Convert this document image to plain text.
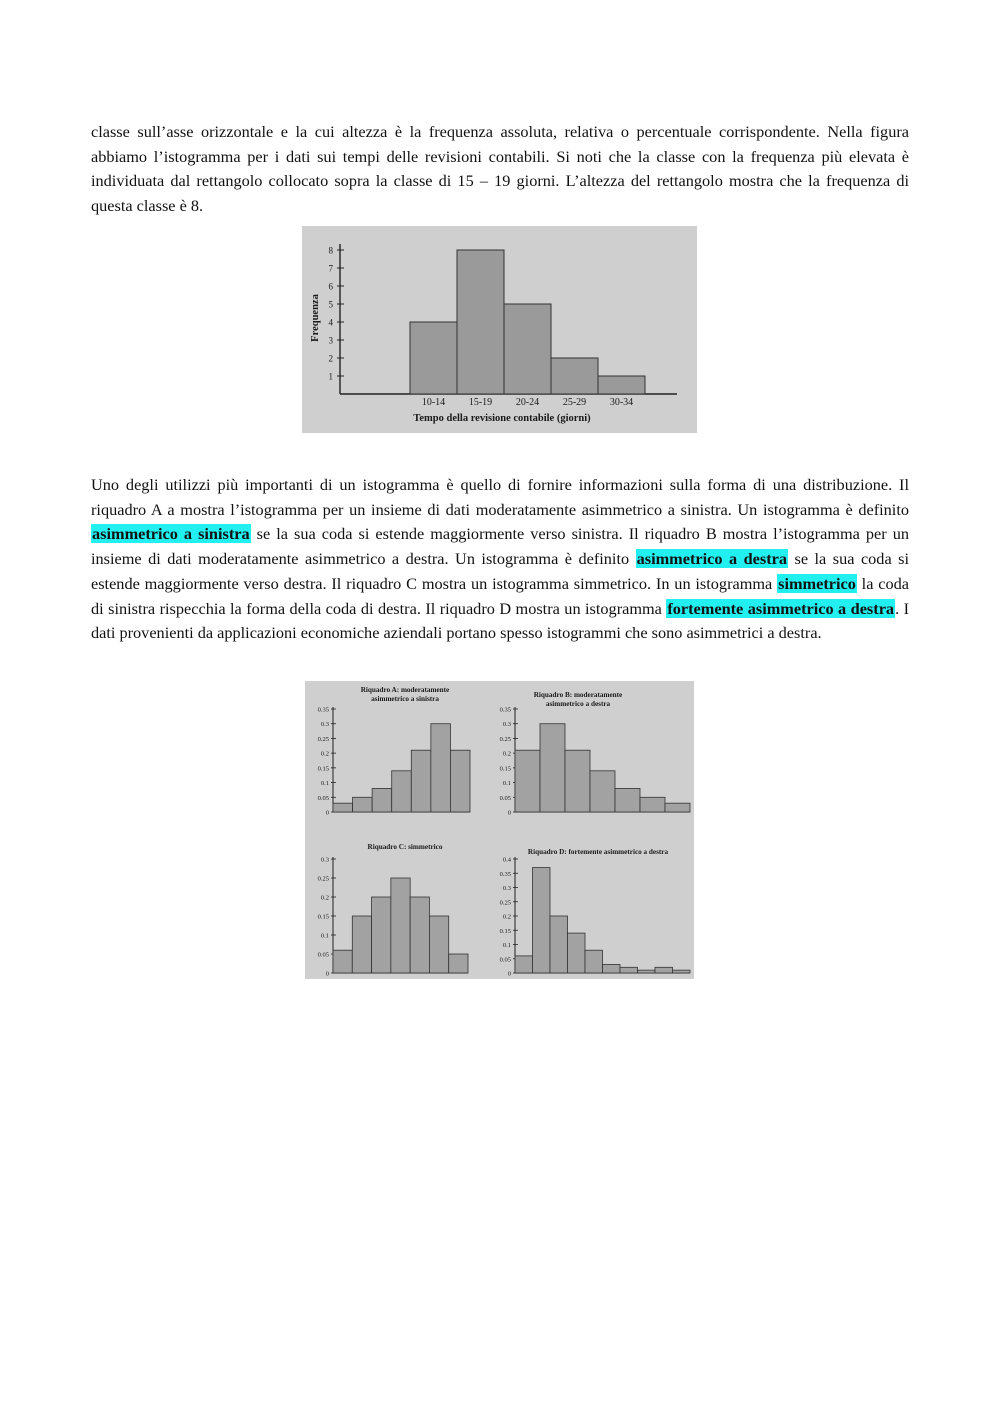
classe sull’asse orizzontale e la cui altezza è la frequenza assoluta, relativa o percentuale corrispondente. Nella figura abbiamo l’istogramma per i dati sui tempi delle revisioni contabili. Si noti che la classe con la frequenza più elevata è individuata dal rettangolo collocato sopra la classe di 15 – 19 giorni. L’altezza del rettangolo mostra che la frequenza di questa classe è 8.

1
2
3
4
5
6
7
8
10-14 15-19 20-24 25-29 30-34
Tempo della revisione contabile (giorni)
Frequenza

Uno degli utilizzi più importanti di un istogramma è quello di fornire informazioni sulla forma di una distribuzione. Il riquadro A a mostra l’istogramma per un insieme di dati moderatamente asimmetrico a sinistra. Un istogramma è definito asimmetrico a sinistra se la sua coda si estende maggiormente verso sinistra. Il riquadro B mostra l’istogramma per un insieme di dati moderatamente asimmetrico a destra. Un istogramma è definito asimmetrico a destra se la sua coda si estende maggiormente verso destra. Il riquadro C mostra un istogramma simmetrico. In un istogramma simmetrico la coda di sinistra rispecchia la forma della coda di destra. Il riquadro D mostra un istogramma fortemente asimmetrico a destra. I dati provenienti da applicazioni economiche aziendali portano spesso istogrammi che sono asimmetrici a destra.

0
0.05
0.1
0.15
0.2
0.25
0.3
0.35
Riquadro A: moderatamente
asimmetrico a sinistra
0
0.05
0.1
0.15
0.2
0.25
0.3
0.35
Riquadro B: moderatamente
asimmetrico a destra
0
0.05
0.1
0.15
0.2
0.25
0.3
Riquadro C: simmetrico
0
0.05
0.1
0.15
0.2
0.25
0.3
0.35
0.4
Riquadro D: fortemente asimmetrico a destra
